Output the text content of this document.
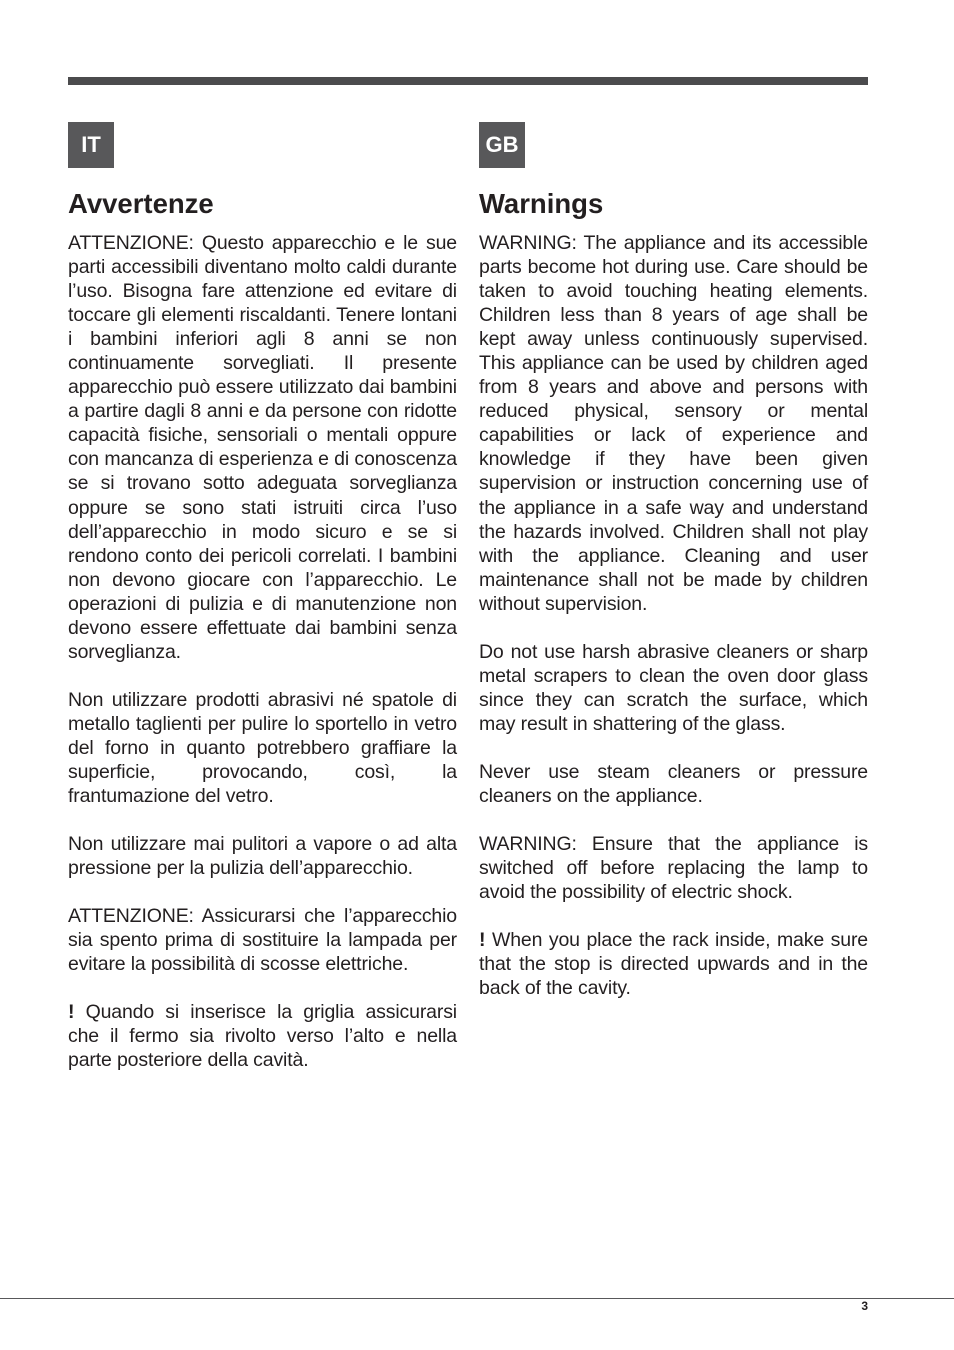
IT
Avvertenze

ATTENZIONE: Questo apparecchio e le sue parti accessibili diventano molto caldi durante l’uso. Bisogna fare attenzione ed evitare di toccare gli elementi riscaldanti. Tenere lontani i bambini inferiori agli 8 anni se non continuamente sorvegliati. Il presente apparecchio può essere utilizzato dai bambini a partire dagli 8 anni e da persone con ridotte capacità fisiche, sensoriali o mentali oppure con mancanza di esperienza e di conoscenza se si trovano sotto adeguata sorveglianza oppure se sono stati istruiti circa l’uso dell’apparecchio in modo sicuro e se si rendono conto dei pericoli correlati. I bambini non devono giocare con l’apparecchio. Le operazioni di pulizia e di manutenzione non devono essere effettuate dai bambini senza sorveglianza.

Non utilizzare prodotti abrasivi né spatole di metallo taglienti per pulire lo sportello in vetro del forno in quanto potrebbero graffiare la superficie, provocando, così, la frantumazione del vetro.

Non utilizzare mai pulitori a vapore o ad alta pressione per la pulizia dell’apparecchio.

ATTENZIONE: Assicurarsi che l’apparecchio sia spento prima di sostituire la lampada per evitare la possibilità di scosse elettriche.

! Quando si inserisce la griglia assicurarsi che il fermo sia rivolto verso l’alto e nella parte posteriore della cavità.

GB
Warnings

WARNING: The appliance and its accessible parts become hot during use. Care should be taken to avoid touching heating elements. Children less than 8 years of age shall be kept away unless continuously supervised. This appliance can be used by children aged from 8 years and above and persons with reduced physical, sensory or mental capabilities or lack of experience and knowledge if they have been given supervision or instruction concerning use of the appliance in a safe way and understand the hazards involved. Children shall not play with the appliance. Cleaning and user maintenance shall not be made by children without supervision.

Do not use harsh abrasive cleaners or sharp metal scrapers to clean the oven door glass since they can scratch the surface, which may result in shattering of the glass.

Never use steam cleaners or pressure cleaners on the appliance.

WARNING: Ensure that the appliance is switched off before replacing the lamp to avoid the possibility of electric shock.

! When you place the rack inside, make sure that the stop is directed upwards and in the back of the cavity.

3
